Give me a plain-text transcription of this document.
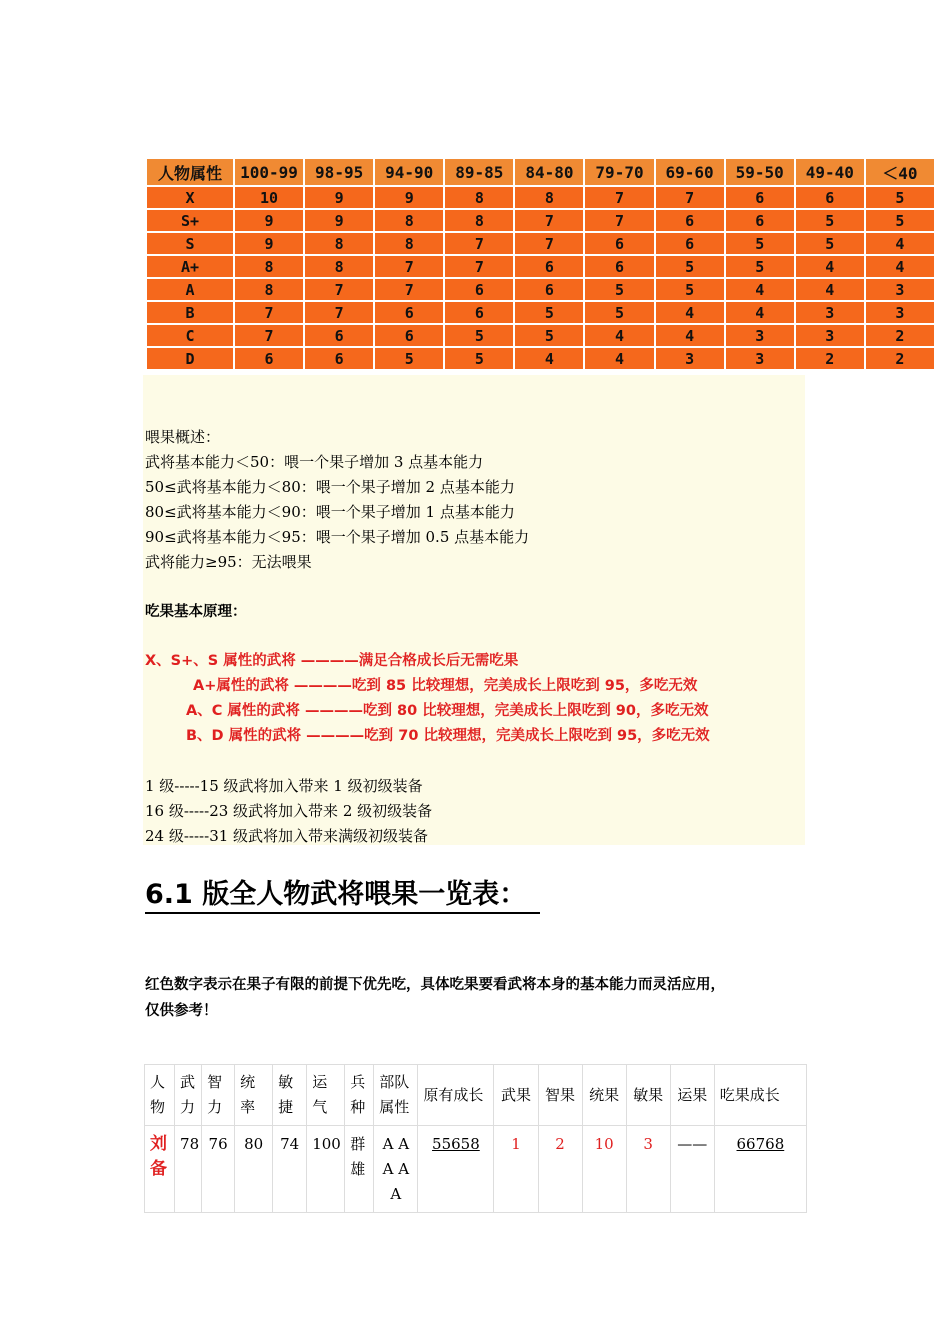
人物属性	100-99	98-95	94-90	89-85	84-80	79-70	69-60	59-50	49-40	＜40
X	10	9	9	8	8	7	7	6	6	5
S+	9	9	8	8	7	7	6	6	5	5
S	9	8	8	7	7	6	6	5	5	4
A+	8	8	7	7	6	6	5	5	4	4
A	8	7	7	6	6	5	5	4	4	3
B	7	7	6	6	5	5	4	4	3	3
C	7	6	6	5	5	4	4	3	3	2
D	6	6	5	5	4	4	3	3	2	2
喂果概述：
武将基本能力＜50：喂一个果子增加 3 点基本能力
50≤武将基本能力＜80：喂一个果子增加 2 点基本能力
80≤武将基本能力＜90：喂一个果子增加 1 点基本能力
90≤武将基本能力＜95：喂一个果子增加 0.5 点基本能力
武将能力≥95：无法喂果
吃果基本原理：
X、S+、S 属性的武将 ————满足合格成长后无需吃果
A+属性的武将 ————吃到 85 比较理想，完美成长上限吃到 95，多吃无效
A、C 属性的武将 ————吃到 80 比较理想，完美成长上限吃到 90，多吃无效
B、D 属性的武将 ————吃到 70 比较理想，完美成长上限吃到 95，多吃无效
1 级-----15 级武将加入带来 1 级初级装备
16 级-----23 级武将加入带来 2 级初级装备
24 级-----31 级武将加入带来满级初级装备
6.1 版全人物武将喂果一览表：
红色数字表示在果子有限的前提下优先吃，具体吃果要看武将本身的基本能力而灵活应用，
仅供参考！
人物	武力	智力	统率	敏捷	运气	兵种	部队属性	原有成长	武果	智果	统果	敏果	运果	吃果成长
刘备	78	76	80	74	100	群雄	A A A A A	55658	1	2	10	3	——	66768
